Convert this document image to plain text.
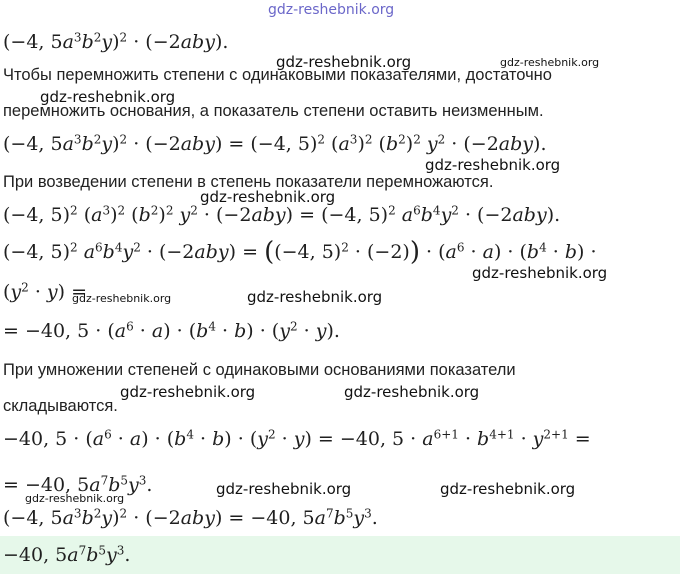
gdz-reshebnik.org
(−4, $5a^3b^2y)^2 \cdot (-2aby)$.
gdz-reshebnik.org	gdz-reshebnik.org
Чтобы перемножить степени с одинаковыми показателями, достаточно
gdz-reshebnik.org
перемножить основания, а показатель степени оставить неизменным.
(−4, $5a^3b^2y)^2 \cdot (-2aby) = (-4$, 5)$^2$ $(a^3)^2$ $(b^2)^2$ $y^2 \cdot (-2aby)$.
gdz-reshebnik.org
При возведении степени в степень показатели перемножаются.
gdz-reshebnik.org
(−4, 5)$^2$ $(a^3)^2$ $(b^2)^2$ $y^2 \cdot (-2aby) = (-4$, 5)$^2$ $a^6b^4y^2 \cdot (-2aby)$.
(−4, 5)$^2$ $a^6b^4y^2 \cdot (-2aby) = ((-4$, $5)^2 \cdot (-2)) \cdot (a^6 \cdot a) \cdot (b^4 \cdot b)$ ·
gdz-reshebnik.org
$(y^2 \cdot y)$ =
gdz-reshebnik.org	gdz-reshebnik.org
= −40, $5 \cdot (a^6 \cdot a) \cdot (b^4 \cdot b) \cdot (y^2 \cdot y)$.
При умножении степеней с одинаковыми основаниями показатели
gdz-reshebnik.org	gdz-reshebnik.org
складываются.
−40, $5 \cdot (a^6 \cdot a) \cdot (b^4 \cdot b) \cdot (y^2 \cdot y) = -40$, $5 \cdot a^{6+1} \cdot b^{4+1} \cdot y^{2+1}$ =
= −40, $5a^7b^5y^3$.	gdz-reshebnik.org	gdz-reshebnik.org
gdz-reshebnik.org
(−4, $5a^3b^2y)^2 \cdot (-2aby) = -40$, $5a^7b^5y^3$.
−40, $5a^7b^5y^3$.
